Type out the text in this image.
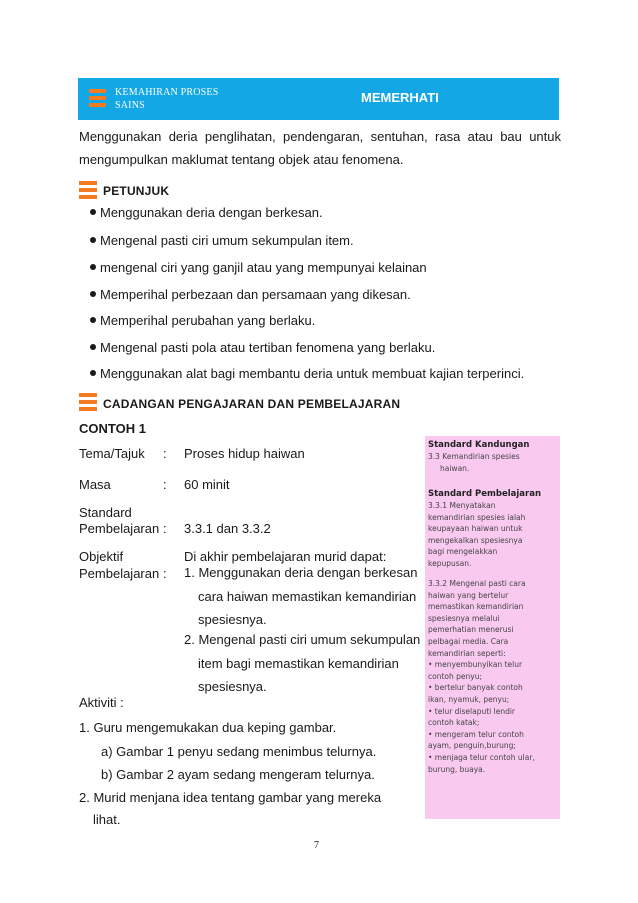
KEMAHIRAN PROSES
SAINS
MEMERHATI
Menggunakan deria penglihatan, pendengaran, sentuhan, rasa atau bau untuk
mengumpulkan maklumat tentang objek atau fenomena.
PETUNJUK
Menggunakan deria dengan berkesan.
Mengenal pasti ciri umum sekumpulan item.
mengenal ciri yang ganjil atau yang mempunyai kelainan
Memperihal perbezaan dan persamaan yang dikesan.
Memperihal perubahan yang berlaku.
Mengenal pasti pola atau tertiban fenomena yang berlaku.
Menggunakan alat bagi membantu deria untuk membuat kajian terperinci.
CADANGAN PENGAJARAN DAN PEMBELAJARAN
CONTOH 1
Tema/Tajuk : Proses hidup haiwan
Masa	: 60 minit
Standard
Pembelajaran : 3.3.1 dan 3.3.2
Objektif
Pembelajaran :
Di akhir pembelajaran murid dapat:
1. Menggunakan deria dengan berkesan
cara haiwan memastikan kemandirian
spesiesnya.
2. Mengenal pasti ciri umum sekumpulan
item bagi memastikan kemandirian
spesiesnya.
Aktiviti :
1. Guru mengemukakan dua keping gambar.
a) Gambar 1 penyu sedang menimbus telurnya.
b) Gambar 2 ayam sedang mengeram telurnya.
2. Murid menjana idea tentang gambar yang mereka
lihat.
Standard Kandungan
3.3 Kemandirian spesies
haiwan.
Standard Pembelajaran
3.3.1 Menyatakan
kemandirian spesies ialah
keupayaan haiwan untuk
mengekalkan spesiesnya
bagi mengelakkan
kepupusan.
3.3.2 Mengenal pasti cara
haiwan yang bertelur
memastikan kemandirian
spesiesnya melalui
pemerhatian menerusi
pelbagai media. Cara
kemandirian seperti:
• menyembunyikan telur
contoh penyu;
• bertelur banyak contoh
ikan, nyamuk, penyu;
• telur diselaputi lendir
contoh katak;
• mengeram telur contoh
ayam, penguin,burung;
• menjaga telur contoh ular,
burung, buaya.
7
